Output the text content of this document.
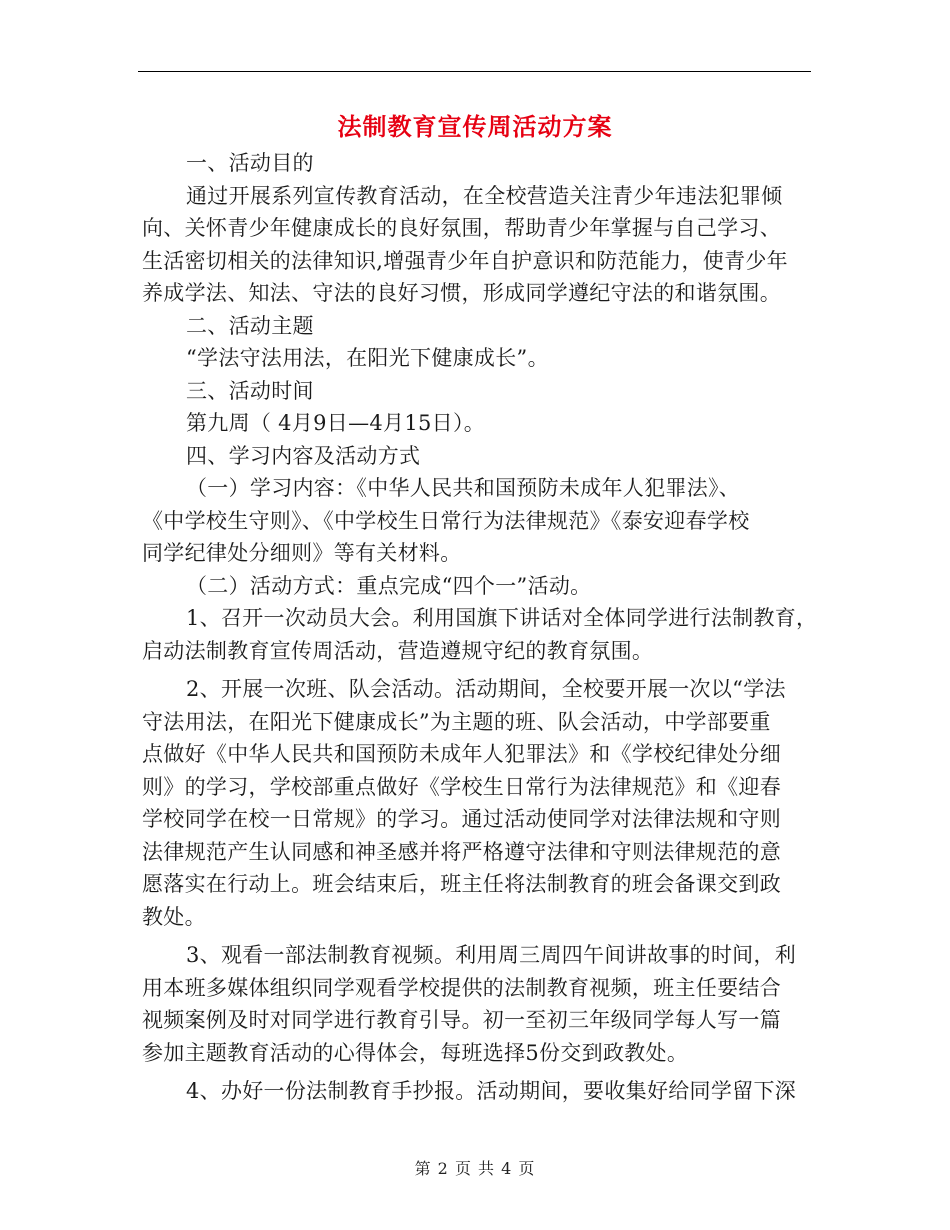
法制教育宣传周活动方案
一、活动目的
通过开展系列宣传教育活动，在全校营造关注青少年违法犯罪倾
向、关怀青少年健康成长的良好氛围，帮助青少年掌握与自己学习、
生活密切相关的法律知识,增强青少年自护意识和防范能力，使青少年
养成学法、知法、守法的良好习惯，形成同学遵纪守法的和谐氛围。
二、活动主题
“学法守法用法，在阳光下健康成长”。
三、活动时间
第九周（ 4月9日—4月15日）。
四、学习内容及活动方式
（一）学习内容：《中华人民共和国预防未成年人犯罪法》、
《中学校生守则》、《中学校生日常行为法律规范》《泰安迎春学校
同学纪律处分细则》等有关材料。
（二）活动方式：重点完成“四个一”活动。
1、召开一次动员大会。利用国旗下讲话对全体同学进行法制教育，
启动法制教育宣传周活动，营造遵规守纪的教育氛围。
2、开展一次班、队会活动。活动期间，全校要开展一次以“学法
守法用法，在阳光下健康成长”为主题的班、队会活动，中学部要重
点做好《中华人民共和国预防未成年人犯罪法》和《学校纪律处分细
则》的学习，学校部重点做好《学校生日常行为法律规范》和《迎春
学校同学在校一日常规》的学习。通过活动使同学对法律法规和守则
法律规范产生认同感和神圣感并将严格遵守法律和守则法律规范的意
愿落实在行动上。班会结束后，班主任将法制教育的班会备课交到政
教处。
3、观看一部法制教育视频。利用周三周四午间讲故事的时间，利
用本班多媒体组织同学观看学校提供的法制教育视频，班主任要结合
视频案例及时对同学进行教育引导。初一至初三年级同学每人写一篇
参加主题教育活动的心得体会，每班选择5份交到政教处。
4、办好一份法制教育手抄报。活动期间，要收集好给同学留下深
第 2 页 共 4 页
